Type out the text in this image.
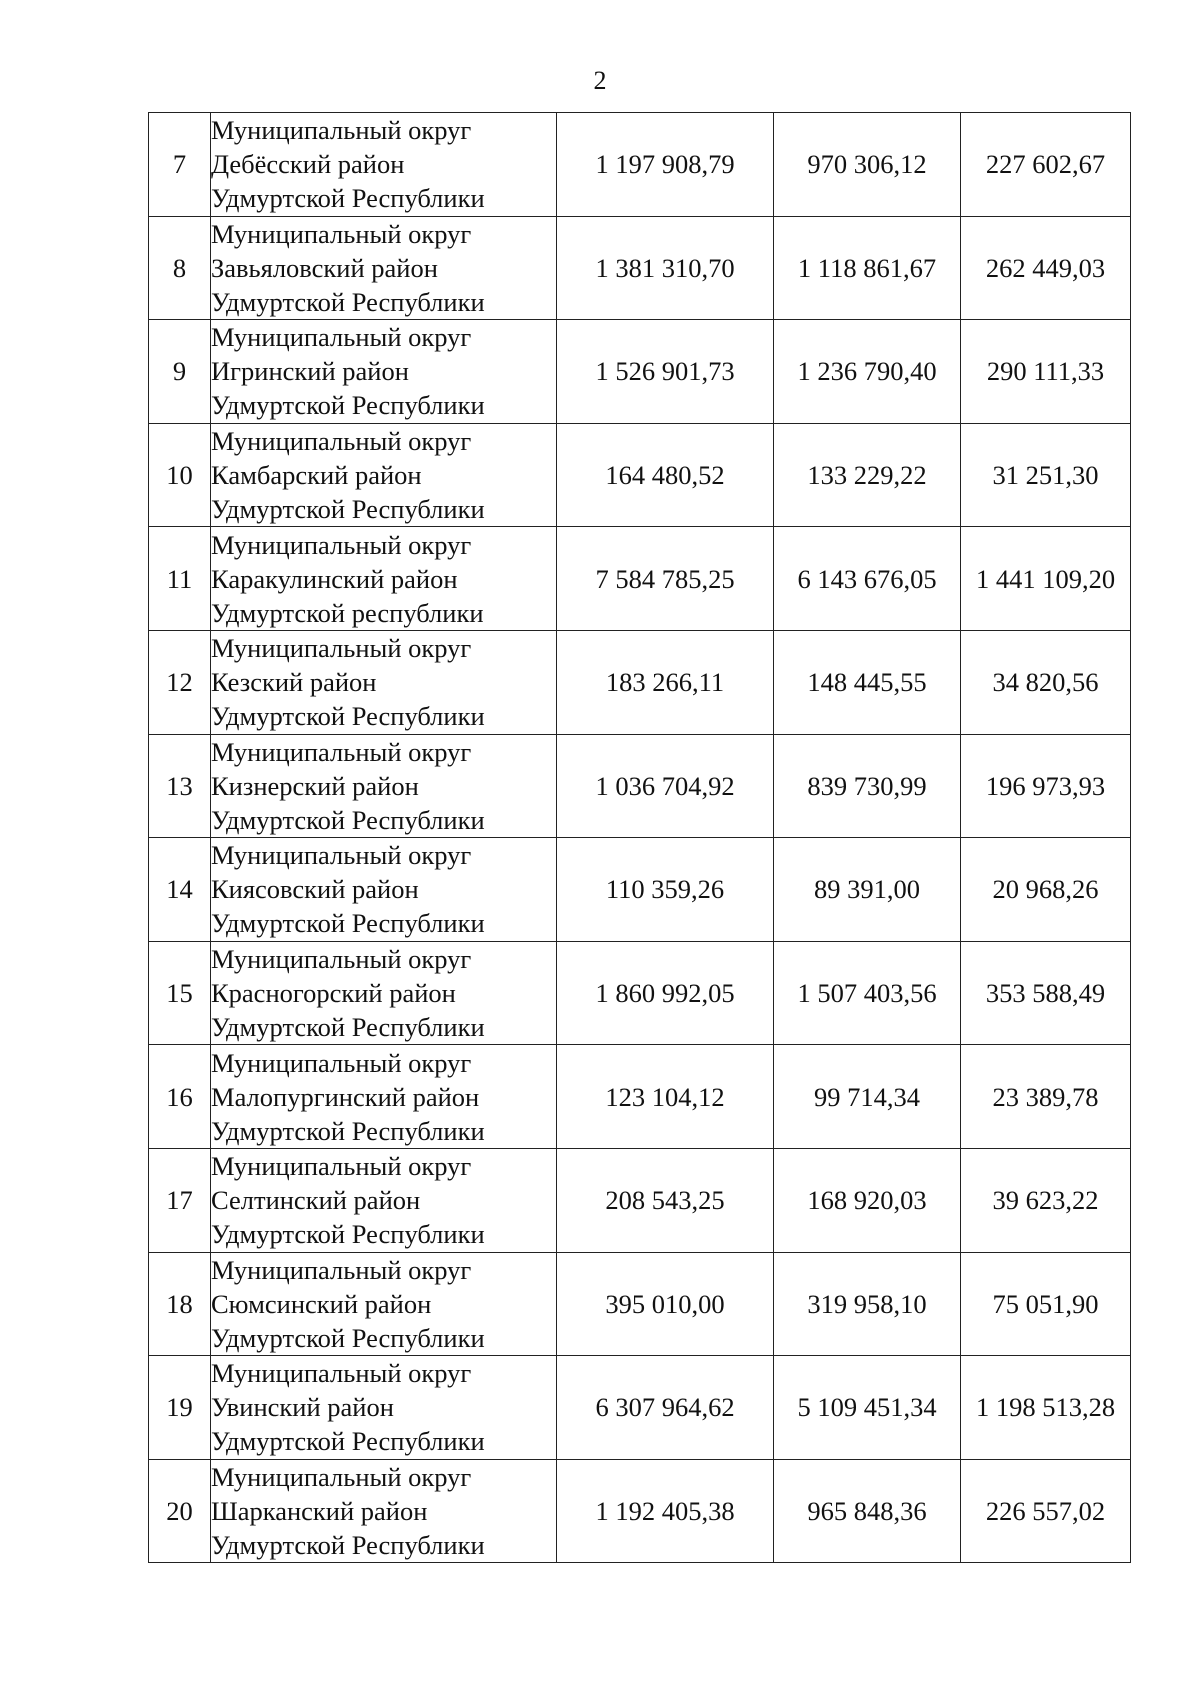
2
7	Муниципальный округ
Дебёсский район
Удмуртской Республики	1 197 908,79	970 306,12	227 602,67
8	Муниципальный округ
Завьяловский район
Удмуртской Республики	1 381 310,70	1 118 861,67	262 449,03
9	Муниципальный округ
Игринский район
Удмуртской Республики	1 526 901,73	1 236 790,40	290 111,33
10	Муниципальный округ
Камбарский район
Удмуртской Республики	164 480,52	133 229,22	31 251,30
11	Муниципальный округ
Каракулинский район
Удмуртской республики	7 584 785,25	6 143 676,05	1 441 109,20
12	Муниципальный округ
Кезский район
Удмуртской Республики	183 266,11	148 445,55	34 820,56
13	Муниципальный округ
Кизнерский район
Удмуртской Республики	1 036 704,92	839 730,99	196 973,93
14	Муниципальный округ
Киясовский район
Удмуртской Республики	110 359,26	89 391,00	20 968,26
15	Муниципальный округ
Красногорский район
Удмуртской Республики	1 860 992,05	1 507 403,56	353 588,49
16	Муниципальный округ
Малопургинский район
Удмуртской Республики	123 104,12	99 714,34	23 389,78
17	Муниципальный округ
Селтинский район
Удмуртской Республики	208 543,25	168 920,03	39 623,22
18	Муниципальный округ
Сюмсинский район
Удмуртской Республики	395 010,00	319 958,10	75 051,90
19	Муниципальный округ
Увинский район
Удмуртской Республики	6 307 964,62	5 109 451,34	1 198 513,28
20	Муниципальный округ
Шарканский район
Удмуртской Республики	1 192 405,38	965 848,36	226 557,02
